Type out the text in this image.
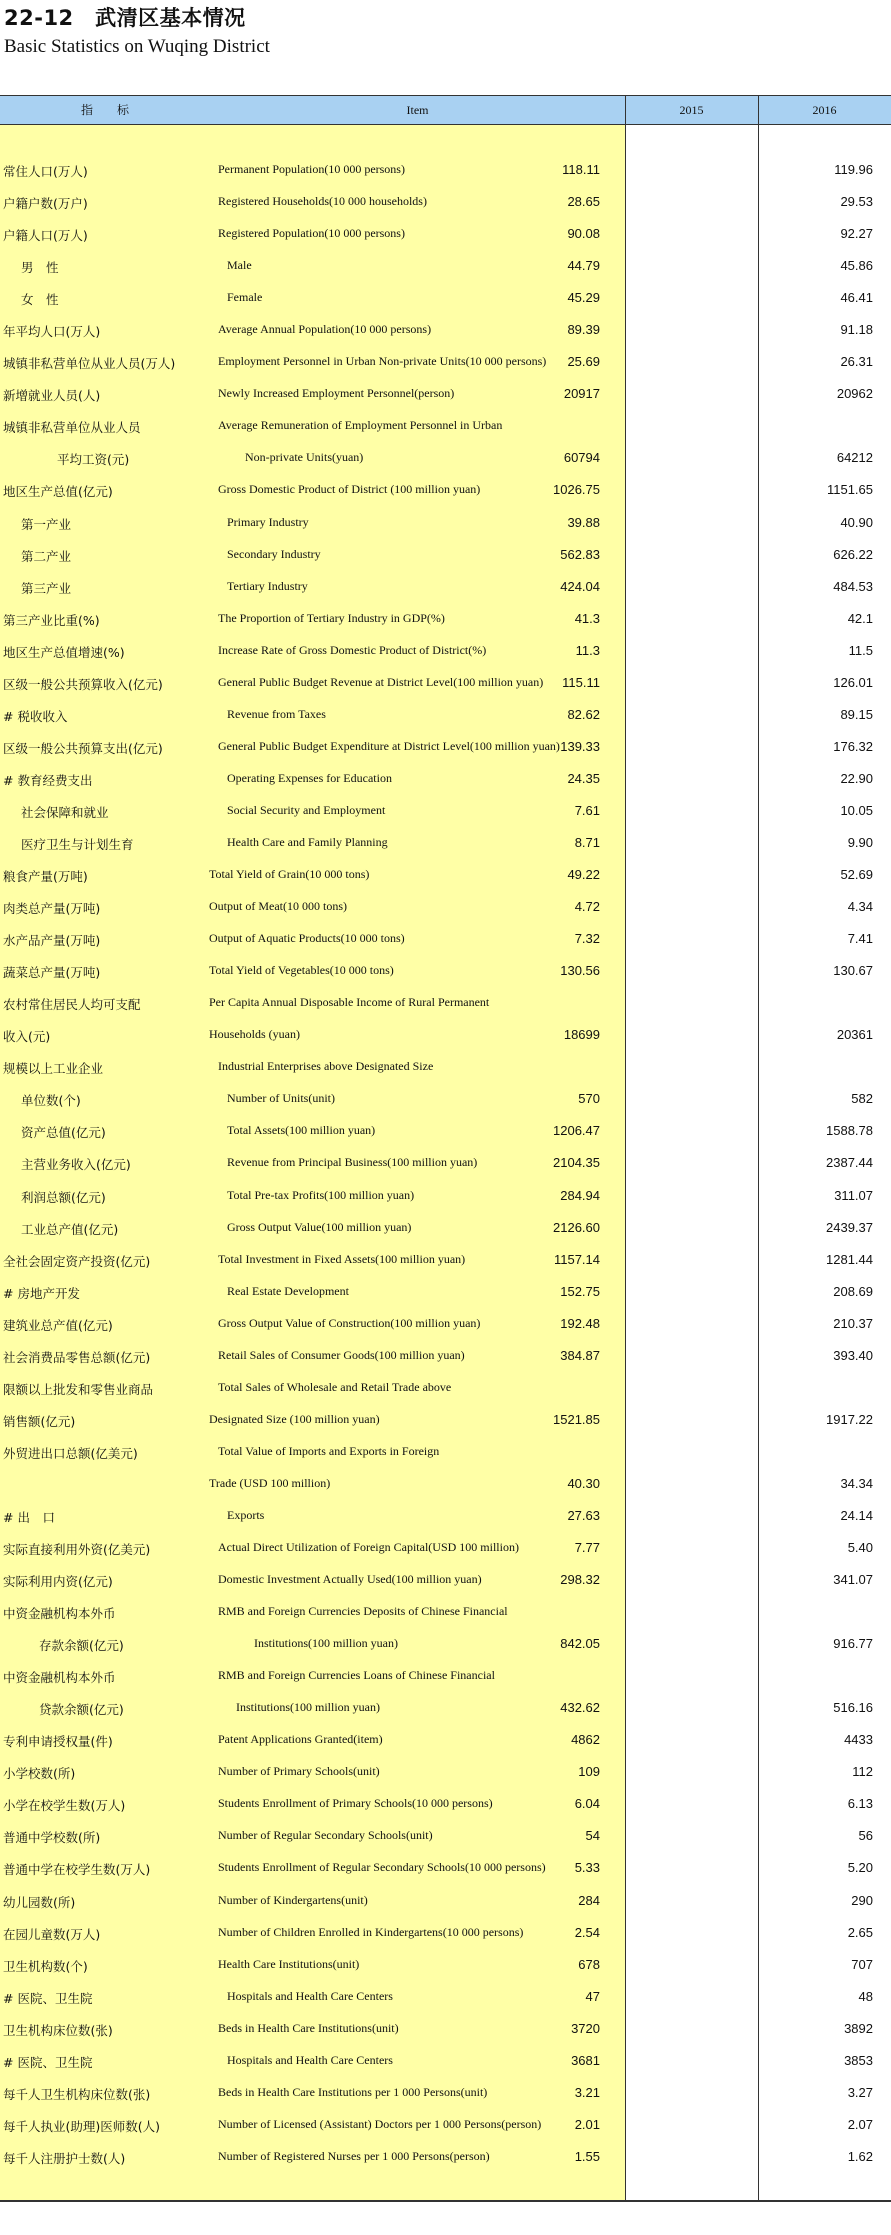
22-12　武清区基本情况
Basic Statistics on Wuqing District
指　　标	Item	2015	2016
常住人口(万人)	Permanent Population(10 000 persons)	118.11	119.96
户籍户数(万户)	Registered Households(10 000 households)	28.65	29.53
户籍人口(万人)	Registered Population(10 000 persons)	90.08	92.27
男　性	Male	44.79	45.86
女　性	Female	45.29	46.41
年平均人口(万人)	Average Annual Population(10 000 persons)	89.39	91.18
城镇非私营单位从业人员(万人)	Employment Personnel in Urban Non-private Units(10 000 persons) 25.69	26.31
新增就业人员(人)	Newly Increased Employment Personnel(person)	20917	20962
城镇非私营单位从业人员	Average Remuneration of Employment Personnel in Urban
平均工资(元)	Non-private Units(yuan)	60794	64212
地区生产总值(亿元)	Gross Domestic Product of District (100 million yuan)	1026.75	1151.65
第一产业	Primary Industry	39.88	40.90
第二产业	Secondary Industry	562.83	626.22
第三产业	Tertiary Industry	424.04	484.53
第三产业比重(%)	The Proportion of Tertiary Industry in GDP(%)	41.3	42.1
地区生产总值增速(%)	Increase Rate of Gross Domestic Product of District(%)	11.3	11.5
区级一般公共预算收入(亿元)	General Public Budget Revenue at District Level(100 million yuan) 115.11	126.01
# 税收收入	Revenue from Taxes	82.62	89.15
区级一般公共预算支出(亿元)	General Public Budget Expenditure at District Level(100 million yuan) 139.33	176.32
# 教育经费支出	Operating Expenses for Education	24.35	22.90
社会保障和就业	Social Security and Employment	7.61	10.05
医疗卫生与计划生育	Health Care and Family Planning	8.71	9.90
粮食产量(万吨)	Total Yield of Grain(10 000 tons)	49.22	52.69
肉类总产量(万吨)	Output of Meat(10 000 tons)	4.72	4.34
水产品产量(万吨)	Output of Aquatic Products(10 000 tons)	7.32	7.41
蔬菜总产量(万吨)	Total Yield of Vegetables(10 000 tons)	130.56	130.67
农村常住居民人均可支配	Per Capita Annual Disposable Income of Rural Permanent
收入(元)	Households (yuan)	18699	20361
规模以上工业企业	Industrial Enterprises above Designated Size
单位数(个)	Number of Units(unit)	570	582
资产总值(亿元)	Total Assets(100 million yuan)	1206.47	1588.78
主营业务收入(亿元)	Revenue from Principal Business(100 million yuan)	2104.35	2387.44
利润总额(亿元)	Total Pre-tax Profits(100 million yuan)	284.94	311.07
工业总产值(亿元)	Gross Output Value(100 million yuan)	2126.60	2439.37
全社会固定资产投资(亿元)	Total Investment in Fixed Assets(100 million yuan)	1157.14	1281.44
# 房地产开发	Real Estate Development	152.75	208.69
建筑业总产值(亿元)	Gross Output Value of Construction(100 million yuan)	192.48	210.37
社会消费品零售总额(亿元)	Retail Sales of Consumer Goods(100 million yuan)	384.87	393.40
限额以上批发和零售业商品	Total Sales of Wholesale and Retail Trade above
销售额(亿元)	Designated Size (100 million yuan)	1521.85	1917.22
外贸进出口总额(亿美元)	Total Value of Imports and Exports in Foreign
Trade (USD 100 million)	40.30	34.34
# 出　口	Exports	27.63	24.14
实际直接利用外资(亿美元)	Actual Direct Utilization of Foreign Capital(USD 100 million)	7.77	5.40
实际利用内资(亿元)	Domestic Investment Actually Used(100 million yuan)	298.32	341.07
中资金融机构本外币	RMB and Foreign Currencies Deposits of Chinese Financial
存款余额(亿元)	Institutions(100 million yuan)	842.05	916.77
中资金融机构本外币	RMB and Foreign Currencies Loans of Chinese Financial
贷款余额(亿元)	Institutions(100 million yuan)	432.62	516.16
专利申请授权量(件)	Patent Applications Granted(item)	4862	4433
小学校数(所)	Number of Primary Schools(unit)	109	112
小学在校学生数(万人)	Students Enrollment of Primary Schools(10 000 persons)	6.04	6.13
普通中学校数(所)	Number of Regular Secondary Schools(unit)	54	56
普通中学在校学生数(万人)	Students Enrollment of Regular Secondary Schools(10 000 persons) 5.33	5.20
幼儿园数(所)	Number of Kindergartens(unit)	284	290
在园儿童数(万人)	Number of Children Enrolled in Kindergartens(10 000 persons)	2.54	2.65
卫生机构数(个)	Health Care Institutions(unit)	678	707
# 医院、卫生院	Hospitals and Health Care Centers	47	48
卫生机构床位数(张)	Beds in Health Care Institutions(unit)	3720	3892
# 医院、卫生院	Hospitals and Health Care Centers	3681	3853
每千人卫生机构床位数(张)	Beds in Health Care Institutions per 1 000 Persons(unit)	3.21	3.27
每千人执业(助理)医师数(人)	Number of Licensed (Assistant) Doctors per 1 000 Persons(person)	2.01	2.07
每千人注册护士数(人)	Number of Registered Nurses per 1 000 Persons(person)	1.55	1.62
